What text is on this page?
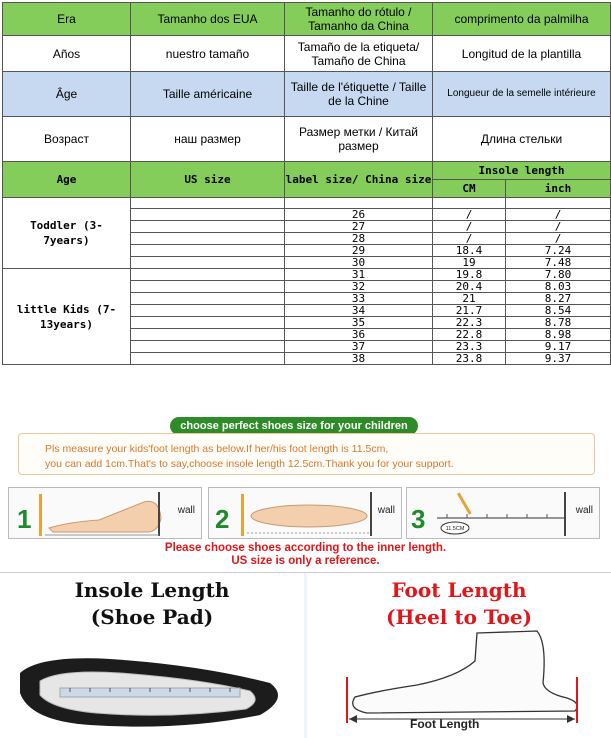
Era	Tamanho dos EUA	Tamanho do rótulo / Tamanho da China	comprimento da palmilha
Años	nuestro tamaño	Tamaño de la etiqueta/ Tamaño de China	Longitud de la plantilla
Âge	Taille américaine	Taille de l'étiquette / Taille de la Chine	Longueur de la semelle intérieure
Возраст	наш размер	Размер метки / Китай размер	Длина стельки
Age	US size	label size/ China size	Insole length	
			CM	inch
Toddler (3-7years)				
		26	/	/
		27	/	/
		28	/	/
		29	18.4	7.24
		30	19	7.48
little Kids (7-13years)		31	19.8	7.80
		32	20.4	8.03
		33	21	8.27
		34	21.7	8.54
		35	22.3	8.78
		36	22.8	8.98
		37	23.3	9.17
		38	23.8	9.37
choose perfect shoes size for your children
Pls measure your kids'foot length as below.If her/his foot length is 11.5cm,
you can add 1cm.That's to say,choose insole length 12.5cm.Thank you for your support.
1	wall 2	wall 3	11.5CM
wall
Please choose shoes according to the inner length.
US size is only a reference.
Insole Length
(Shoe Pad)
Foot Length
(Heel to Toe)
Foot Length
